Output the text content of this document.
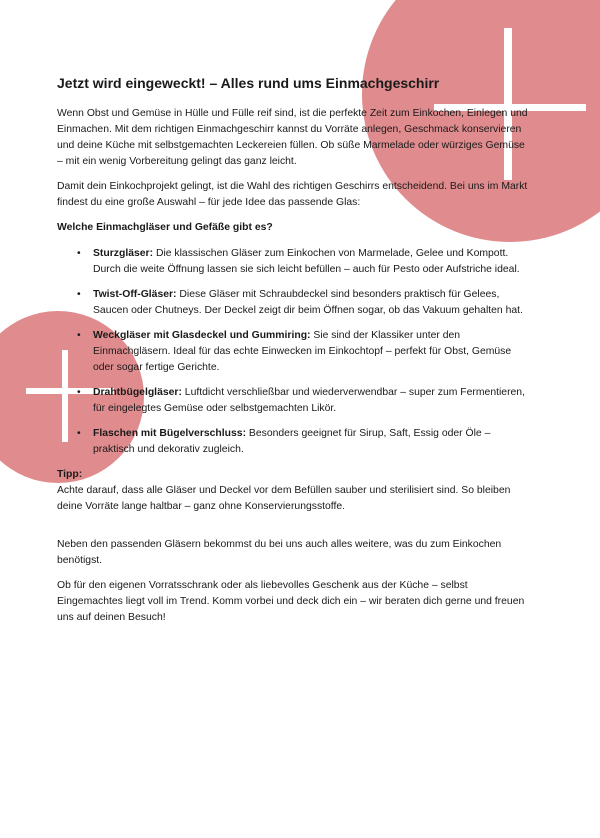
Jetzt wird eingeweckt! – Alles rund ums Einmachgeschirr

Wenn Obst und Gemüse in Hülle und Fülle reif sind, ist die perfekte Zeit zum Einkochen, Einlegen und Einmachen. Mit dem richtigen Einmachgeschirr kannst du Vorräte anlegen, Geschmack konservieren und deine Küche mit selbstgemachten Leckereien füllen. Ob süße Marmelade oder würziges Gemüse – mit ein wenig Vorbereitung gelingt das ganz leicht.

Damit dein Einkochprojekt gelingt, ist die Wahl des richtigen Geschirrs entscheidend. Bei uns im Markt findest du eine große Auswahl – für jede Idee das passende Glas:

Welche Einmachgläser und Gefäße gibt es?
• Sturzgläser: Die klassischen Gläser zum Einkochen von Marmelade, Gelee und Kompott. Durch die weite Öffnung lassen sie sich leicht befüllen – auch für Pesto oder Aufstriche ideal.
• Twist-Off-Gläser: Diese Gläser mit Schraubdeckel sind besonders praktisch für Gelees, Saucen oder Chutneys. Der Deckel zeigt dir beim Öffnen sogar, ob das Vakuum gehalten hat.
• Weckgläser mit Glasdeckel und Gummiring: Sie sind der Klassiker unter den Einmachgläsern. Ideal für das echte Einwecken im Einkochtopf – perfekt für Obst, Gemüse oder sogar fertige Gerichte.
• Drahtbügelgläser: Luftdicht verschließbar und wiederverwendbar – super zum Fermentieren, für eingelegtes Gemüse oder selbstgemachten Likör.
• Flaschen mit Bügelverschluss: Besonders geeignet für Sirup, Saft, Essig oder Öle – praktisch und dekorativ zugleich.
Tipp:

Achte darauf, dass alle Gläser und Deckel vor dem Befüllen sauber und sterilisiert sind. So bleiben deine Vorräte lange haltbar – ganz ohne Konservierungsstoffe.

Neben den passenden Gläsern bekommst du bei uns auch alles weitere, was du zum Einkochen benötigst.

Ob für den eigenen Vorratsschrank oder als liebevolles Geschenk aus der Küche – selbst Eingemachtes liegt voll im Trend. Komm vorbei und deck dich ein – wir beraten dich gerne und freuen uns auf deinen Besuch!
